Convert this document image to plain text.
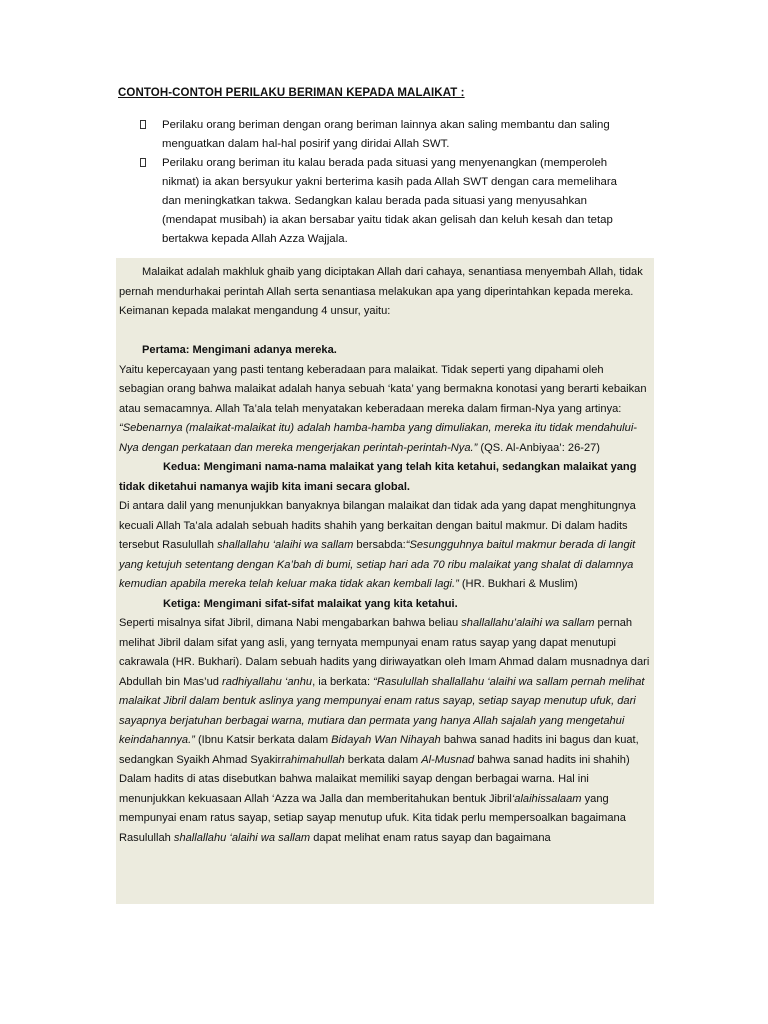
CONTOH-CONTOH PERILAKU BERIMAN KEPADA MALAIKAT :
Perilaku orang beriman dengan orang beriman lainnya akan saling membantu dan saling
menguatkan dalam hal-hal posirif yang diridai Allah SWT.
Perilaku orang beriman itu kalau berada pada situasi yang menyenangkan (memperoleh
nikmat) ia akan bersyukur yakni berterima kasih pada Allah SWT dengan cara memelihara
dan meningkatkan takwa. Sedangkan kalau berada pada situasi yang menyusahkan
(mendapat musibah) ia akan bersabar yaitu tidak akan gelisah dan keluh kesah dan tetap
bertakwa kepada Allah Azza Wajjala.

Malaikat adalah makhluk ghaib yang diciptakan Allah dari cahaya, senantiasa menyembah Allah, tidak pernah mendurhakai perintah Allah serta senantiasa melakukan apa yang diperintahkan kepada mereka. Keimanan kepada malakat mengandung 4 unsur, yaitu:

Pertama: Mengimani adanya mereka.

Yaitu kepercayaan yang pasti tentang keberadaan para malaikat. Tidak seperti yang dipahami oleh sebagian orang bahwa malaikat adalah hanya sebuah ‘kata’ yang bermakna konotasi yang berarti kebaikan atau semacamnya. Allah Ta’ala telah menyatakan keberadaan mereka dalam firman-Nya yang artinya: “Sebenarnya (malaikat-malaikat itu) adalah hamba-hamba yang dimuliakan, mereka itu tidak mendahului-Nya dengan perkataan dan mereka mengerjakan perintah-perintah-Nya.” (QS. Al-Anbiyaa’: 26-27)

Kedua: Mengimani nama-nama malaikat yang telah kita ketahui, sedangkan malaikat yang tidak diketahui namanya wajib kita imani secara global.

Di antara dalil yang menunjukkan banyaknya bilangan malaikat dan tidak ada yang dapat menghitungnya kecuali Allah Ta’ala adalah sebuah hadits shahih yang berkaitan dengan baitul makmur. Di dalam hadits tersebut Rasulullah shallallahu ‘alaihi wa sallam bersabda:“Sesungguhnya baitul makmur berada di langit yang ketujuh setentang dengan Ka’bah di bumi, setiap hari ada 70 ribu malaikat yang shalat di dalamnya kemudian apabila mereka telah keluar maka tidak akan kembali lagi.” (HR. Bukhari & Muslim)

Ketiga: Mengimani sifat-sifat malaikat yang kita ketahui.

Seperti misalnya sifat Jibril, dimana Nabi mengabarkan bahwa beliau shallallahu’alaihi wa sallam pernah melihat Jibril dalam sifat yang asli, yang ternyata mempunyai enam ratus sayap yang dapat menutupi cakrawala (HR. Bukhari). Dalam sebuah hadits yang diriwayatkan oleh Imam Ahmad dalam musnadnya dari Abdullah bin Mas’ud radhiyallahu ‘anhu, ia berkata: “Rasulullah shallallahu ‘alaihi wa sallam pernah melihat malaikat Jibril dalam bentuk aslinya yang mempunyai enam ratus sayap, setiap sayap menutup ufuk, dari sayapnya berjatuhan berbagai warna, mutiara dan permata yang hanya Allah sajalah yang mengetahui keindahannya.” (Ibnu Katsir berkata dalam Bidayah Wan Nihayah bahwa sanad hadits ini bagus dan kuat, sedangkan Syaikh Ahmad Syakirrahimahullah berkata dalam Al-Musnad bahwa sanad hadits ini shahih)

Dalam hadits di atas disebutkan bahwa malaikat memiliki sayap dengan berbagai warna. Hal ini menunjukkan kekuasaan Allah ‘Azza wa Jalla dan memberitahukan bentuk Jibril‘alaihissalaam yang mempunyai enam ratus sayap, setiap sayap menutup ufuk. Kita tidak perlu mempersoalkan bagaimana Rasulullah shallallahu ‘alaihi wa sallam dapat melihat enam ratus sayap dan bagaimana
